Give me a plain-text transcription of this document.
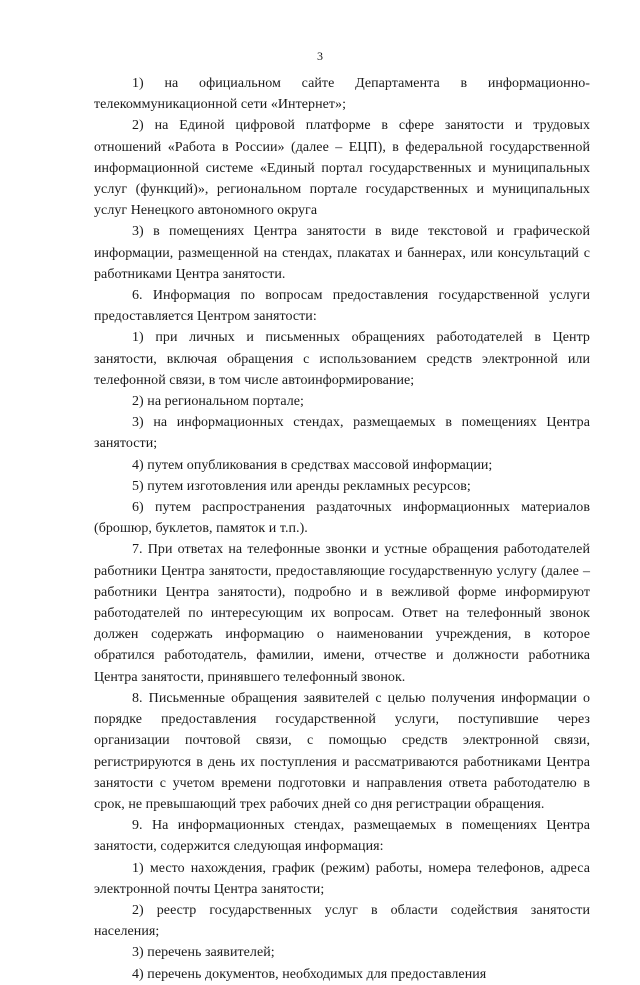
3

1) на официальном сайте Департамента в информационно-телекоммуникационной сети «Интернет»;

2) на Единой цифровой платформе в сфере занятости и трудовых отношений «Работа в России» (далее – ЕЦП), в федеральной государственной информационной системе «Единый портал государственных и муниципальных услуг (функций)», региональном портале государственных и муниципальных услуг Ненецкого автономного округа

3) в помещениях Центра занятости в виде текстовой и графической информации, размещенной на стендах, плакатах и баннерах, или консультаций с работниками Центра занятости.

6. Информация по вопросам предоставления государственной услуги предоставляется Центром занятости:

1) при личных и письменных обращениях работодателей в Центр занятости, включая обращения с использованием средств электронной или телефонной связи, в том числе автоинформирование;

2) на региональном портале;

3) на информационных стендах, размещаемых в помещениях Центра занятости;

4) путем опубликования в средствах массовой информации;

5) путем изготовления или аренды рекламных ресурсов;

6) путем распространения раздаточных информационных материалов (брошюр, буклетов, памяток и т.п.).

7. При ответах на телефонные звонки и устные обращения работодателей работники Центра занятости, предоставляющие государственную услугу (далее – работники Центра занятости), подробно и в вежливой форме информируют работодателей по интересующим их вопросам. Ответ на телефонный звонок должен содержать информацию о наименовании учреждения, в которое обратился работодатель, фамилии, имени, отчестве и должности работника Центра занятости, принявшего телефонный звонок.

8. Письменные обращения заявителей с целью получения информации о порядке предоставления государственной услуги, поступившие через организации почтовой связи, с помощью средств электронной связи, регистрируются в день их поступления и рассматриваются работниками Центра занятости с учетом времени подготовки и направления ответа работодателю в срок, не превышающий трех рабочих дней со дня регистрации обращения.

9. На информационных стендах, размещаемых в помещениях Центра занятости, содержится следующая информация:

1) место нахождения, график (режим) работы, номера телефонов, адреса электронной почты Центра занятости;

2) реестр государственных услуг в области содействия занятости населения;

3) перечень заявителей;

4) перечень документов, необходимых для предоставления
